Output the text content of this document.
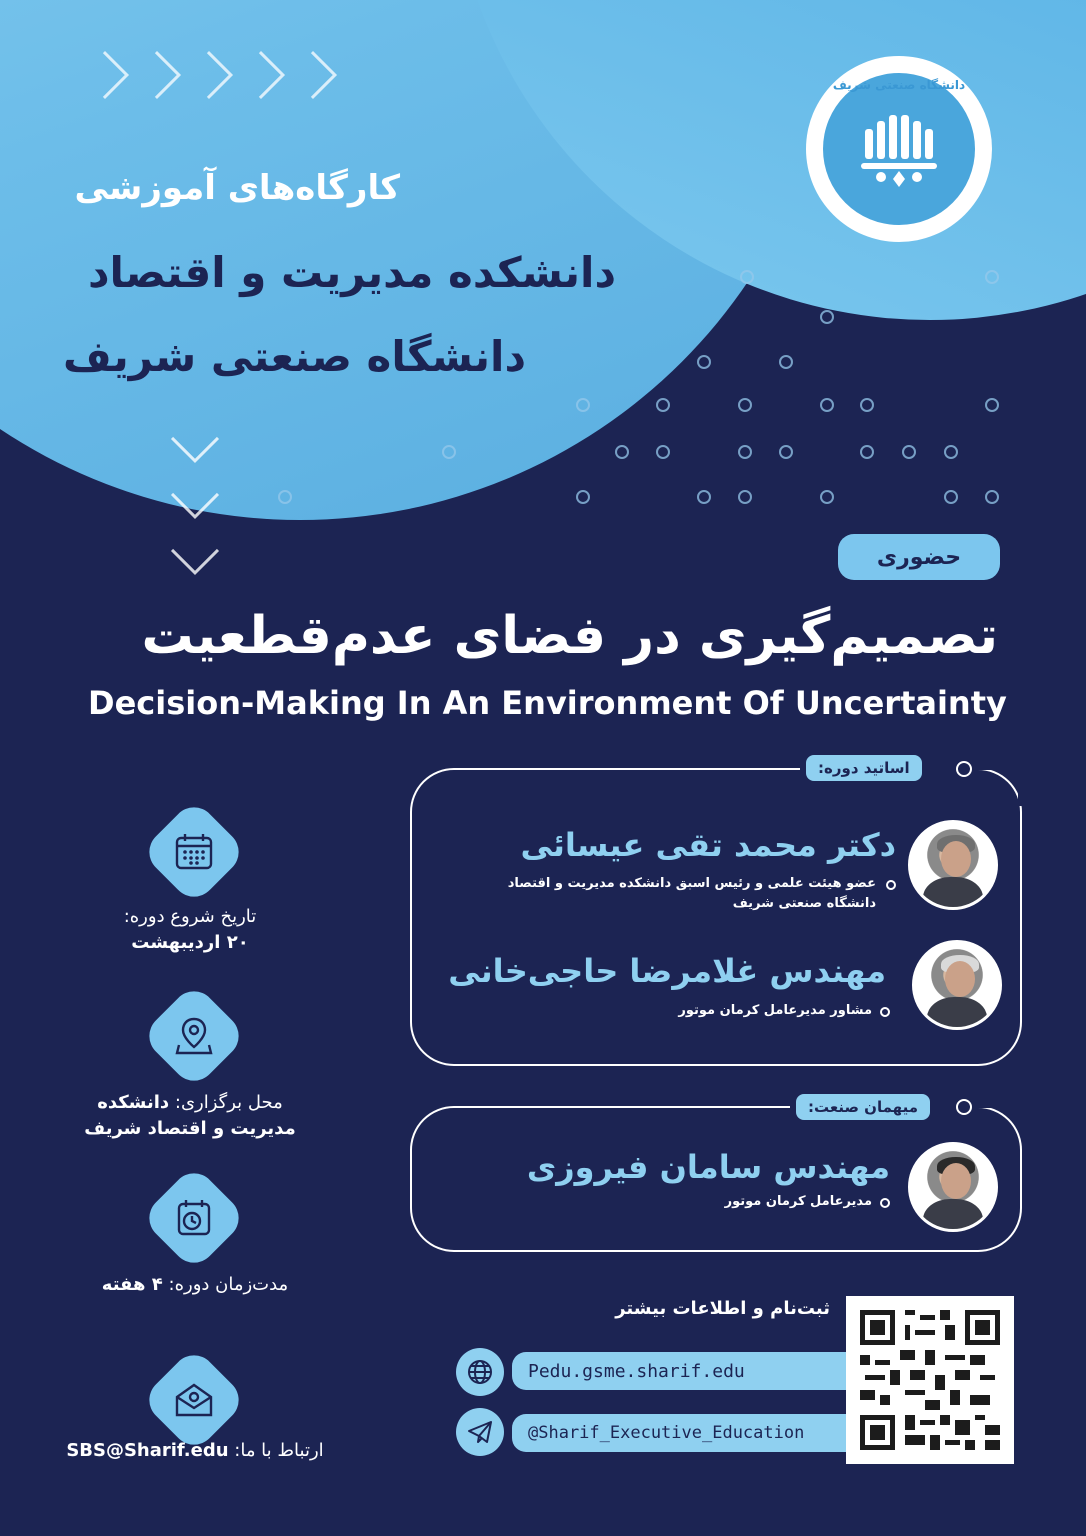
دانشگاه صنعتی شریف
کارگاه‌های آموزشی
دانشکده مدیریت و اقتصاد
دانشگاه صنعتی شریف
حضوری
تصمیم‌گیری در فضای عدم‌قطعیت
Decision-Making In An Environment Of Uncertainty
اساتید دوره:
دکتر محمد تقی عیسائی
عضو هیئت علمی و رئیس اسبق دانشکده مدیریت و اقتصاد
دانشگاه صنعتی شریف
مهندس غلامرضا حاجی‌خانی
مشاور مدیرعامل کرمان موتور
میهمان صنعت:
مهندس سامان فیروزی
مدیرعامل کرمان موتور
تاریخ شروع دوره:
۲۰ اردیبهشت
محل برگزاری: دانشکده
مدیریت و اقتصاد شریف
مدت‌زمان دوره: ۴ هفته
ارتباط با ما: SBS@Sharif.edu
ثبت‌نام و اطلاعات بیشتر
Pedu.gsme.sharif.edu
@Sharif_Executive_Education
